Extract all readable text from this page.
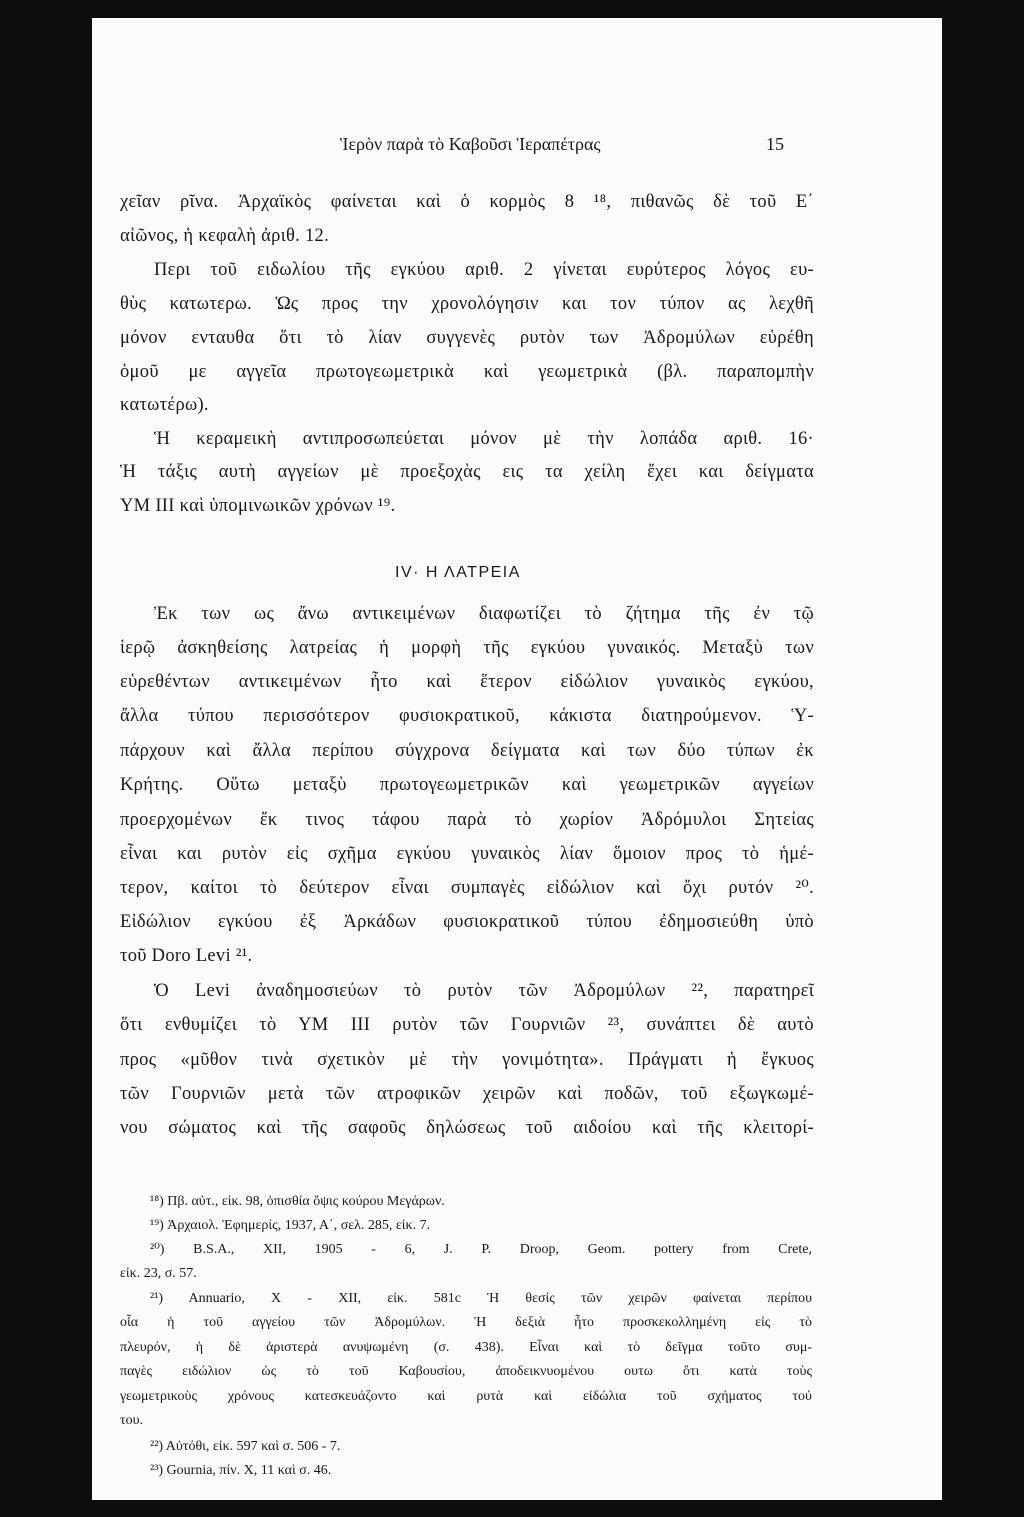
Ἱερὸν παρὰ τὸ Καβοῦσι Ἱεραπέτρας	15
χεῖαν ρῖνα. Ἀρχαϊκὸς φαίνεται καὶ ὁ κορμὸς 8 ¹⁸, πιθανῶς δὲ τοῦ Ε΄
αἰῶνος, ἡ κεφαλὴ ἀριθ. 12.
Περι τοῦ ειδωλίου τῆς εγκύου αριθ. 2 γίνεται ευρύτερος λόγος ευ-
θὺς κατωτερω. Ὡς προς την χρονολόγησιν και τον τύπον ας λεχθῆ
μόνον ενταυθα ὅτι τὸ λίαν συγγενὲς ρυτὸν των Ἀδρομύλων εὑρέθη
ὁμοῦ με αγγεῖα πρωτογεωμετρικὰ καὶ γεωμετρικὰ (βλ. παραπομπὴν
κατωτέρω).
Ἡ κεραμεικὴ αντιπροσωπεύεται μόνον μὲ τὴν λοπάδα αριθ. 16·
Ἡ τάξις αυτὴ αγγείων μὲ προεξοχὰς εις τα χείλη ἔχει και δείγματα
ΥΜ ΙΙΙ καὶ ὑπομινωικῶν χρόνων ¹⁹.
IV· Η ΛΑΤΡΕΙΑ
Ἐκ των ως ἄνω αντικειμένων διαφωτίζει τὸ ζήτημα τῆς ἐν τῷ
ἱερῷ ἀσκηθείσης λατρείας ἡ μορφὴ τῆς εγκύου γυναικός. Μεταξὺ των
εὑρεθέντων αντικειμένων ἦτο καὶ ἕτερον εἰδώλιον γυναικὸς εγκύου,
ἄλλα τύπου περισσότερον φυσιοκρατικοῦ, κάκιστα διατηρούμενον. Ὑ-
πάρχουν καὶ ἄλλα περίπου σύγχρονα δείγματα καὶ των δύο τύπων ἐκ
Κρήτης. Οὕτω μεταξὺ πρωτογεωμετρικῶν καὶ γεωμετρικῶν αγγείων
προερχομένων ἔκ τινος τάφου παρὰ τὸ χωρίον Ἀδρόμυλοι Σητείας
εἶναι και ρυτὸν εἰς σχῆμα εγκύου γυναικὸς λίαν ὅμοιον προς τὸ ἡμέ-
τερον, καίτοι τὸ δεύτερον εἶναι συμπαγὲς εἰδώλιον καὶ ὄχι ρυτόν ²⁰.
Εἰδώλιον εγκύου ἐξ Ἀρκάδων φυσιοκρατικοῦ τύπου ἐδημοσιεύθη ὑπὸ
τοῦ Doro Levi ²¹.
Ὁ Levi ἀναδημοσιεύων τὸ ρυτὸν τῶν Ἀδρομύλων ²², παρατηρεῖ
ὅτι ενθυμίζει τὸ ΥΜ ΙΙΙ ρυτὸν τῶν Γουρνιῶν ²³, συνάπτει δὲ αυτὸ
προς «μῦθον τινὰ σχετικὸν μὲ τὴν γονιμότητα». Πράγματι ἡ ἔγκυος
τῶν Γουρνιῶν μετὰ τῶν ατροφικῶν χειρῶν καὶ ποδῶν, τοῦ εξωγκωμέ-
νου σώματος καὶ τῆς σαφοῦς δηλώσεως τοῦ αιδοίου καὶ τῆς κλειτορί-
¹⁸) Πβ. αὐτ., εἰκ. 98, ὀπισθία ὄψις κούρου Μεγάρων.
¹⁹) Ἀρχαιολ. Ἐφημερίς, 1937, Α΄, σελ. 285, εἰκ. 7.
²⁰) B.S.A., XII, 1905 - 6, J. P. Droop, Geom. pottery from Crete,
εἰκ. 23, σ. 57.
²¹) Annuario, X - XII, εἰκ. 581c Ἡ θεσίς τῶν χειρῶν φαίνεται περίπου
οἷα ἡ τοῦ αγγείου τῶν Ἀδρομύλων. Ἡ δεξιὰ ἦτο προσκεκολλημένη εἰς τὸ
πλευρόν, ἡ δὲ ἀριστερὰ ανυψωμένη (σ. 438). Εἶναι καὶ τὸ δεῖγμα τοῦτο συμ-
παγὲς ειδώλιον ὡς τὸ τοῦ Καβουσίου, ἀποδεικνυομένου ουτω ὅτι κατὰ τοὺς
γεωμετρικοὺς χρόνους κατεσκευάζοντο καὶ ρυτὰ καὶ εἰδώλια τοῦ σχήματος τού
του.
²²) Αὐτόθι, εἰκ. 597 καὶ σ. 506 - 7.
²³) Gournia, πίν. X, 11 καὶ σ. 46.
